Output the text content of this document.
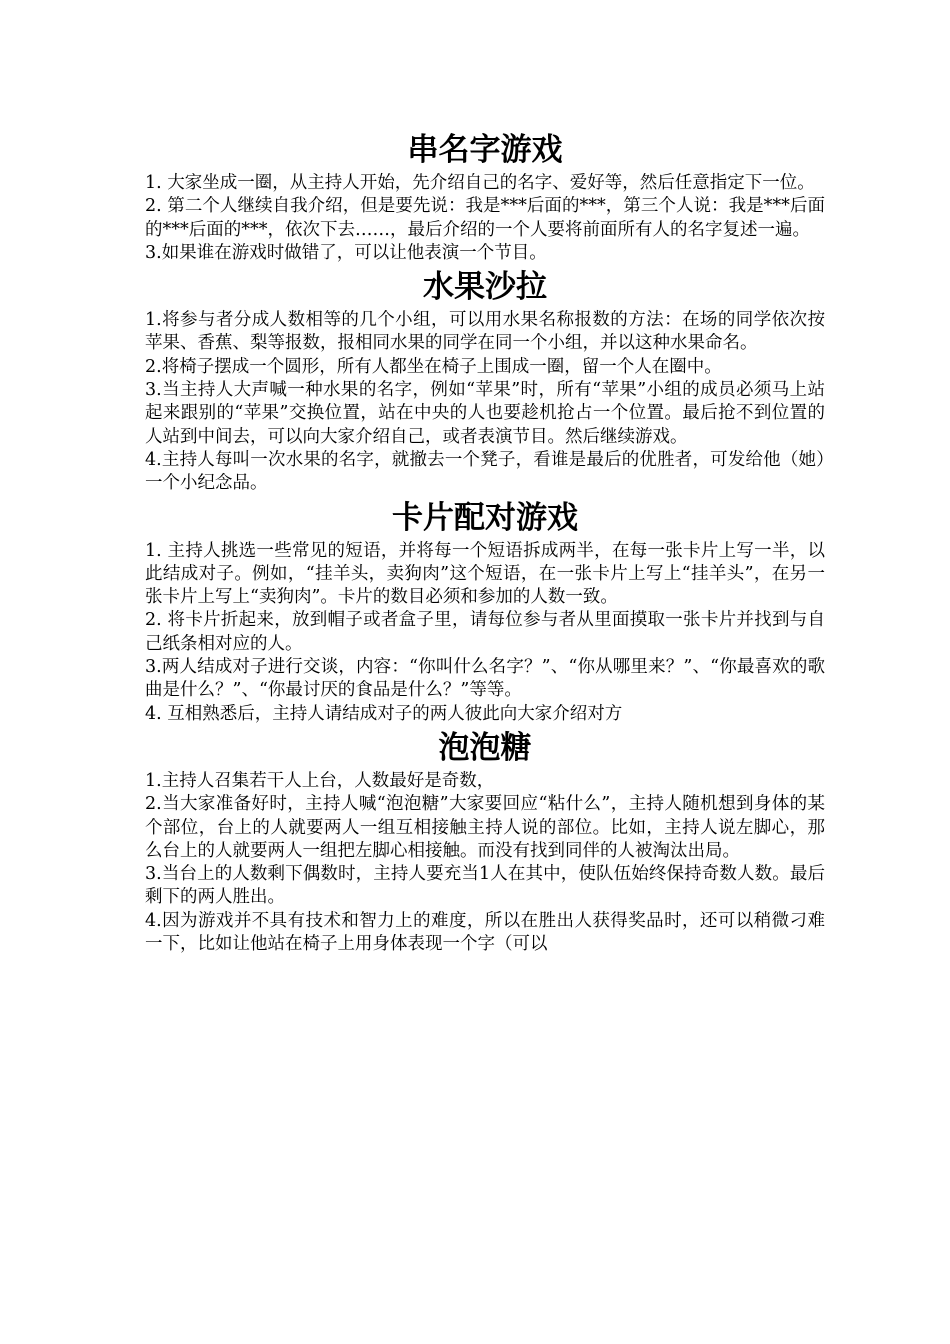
串名字游戏

1. 大家坐成一圈，从主持人开始，先介绍自己的名字、爱好等，然后任意指定下一位。

2. 第二个人继续自我介绍，但是要先说：我是***后面的***，第三个人说：我是***后面的***后面的***，依次下去……，最后介绍的一个人要将前面所有人的名字复述一遍。

3.如果谁在游戏时做错了，可以让他表演一个节目。

水果沙拉

1.将参与者分成人数相等的几个小组，可以用水果名称报数的方法：在场的同学依次按苹果、香蕉、梨等报数，报相同水果的同学在同一个小组，并以这种水果命名。

2.将椅子摆成一个圆形，所有人都坐在椅子上围成一圈，留一个人在圈中。

3.当主持人大声喊一种水果的名字，例如“苹果”时，所有“苹果”小组的成员必须马上站起来跟别的“苹果”交换位置，站在中央的人也要趁机抢占一个位置。最后抢不到位置的人站到中间去，可以向大家介绍自己，或者表演节目。然后继续游戏。

4.主持人每叫一次水果的名字，就撤去一个凳子，看谁是最后的优胜者，可发给他（她）一个小纪念品。

卡片配对游戏

1. 主持人挑选一些常见的短语，并将每一个短语拆成两半，在每一张卡片上写一半，以此结成对子。例如，“挂羊头，卖狗肉”这个短语，在一张卡片上写上“挂羊头”，在另一张卡片上写上“卖狗肉”。卡片的数目必须和参加的人数一致。

2. 将卡片折起来，放到帽子或者盒子里，请每位参与者从里面摸取一张卡片并找到与自己纸条相对应的人。

3.两人结成对子进行交谈，内容：“你叫什么名字？”、“你从哪里来？”、“你最喜欢的歌曲是什么？”、“你最讨厌的食品是什么？”等等。

4. 互相熟悉后，主持人请结成对子的两人彼此向大家介绍对方

泡泡糖

1.主持人召集若干人上台，人数最好是奇数，

2.当大家准备好时，主持人喊“泡泡糖”大家要回应“粘什么”，主持人随机想到身体的某个部位，台上的人就要两人一组互相接触主持人说的部位。比如，主持人说左脚心，那么台上的人就要两人一组把左脚心相接触。而没有找到同伴的人被淘汰出局。

3.当台上的人数剩下偶数时，主持人要充当1人在其中，使队伍始终保持奇数人数。最后剩下的两人胜出。

4.因为游戏并不具有技术和智力上的难度，所以在胜出人获得奖品时，还可以稍微刁难一下，比如让他站在椅子上用身体表现一个字（可以
